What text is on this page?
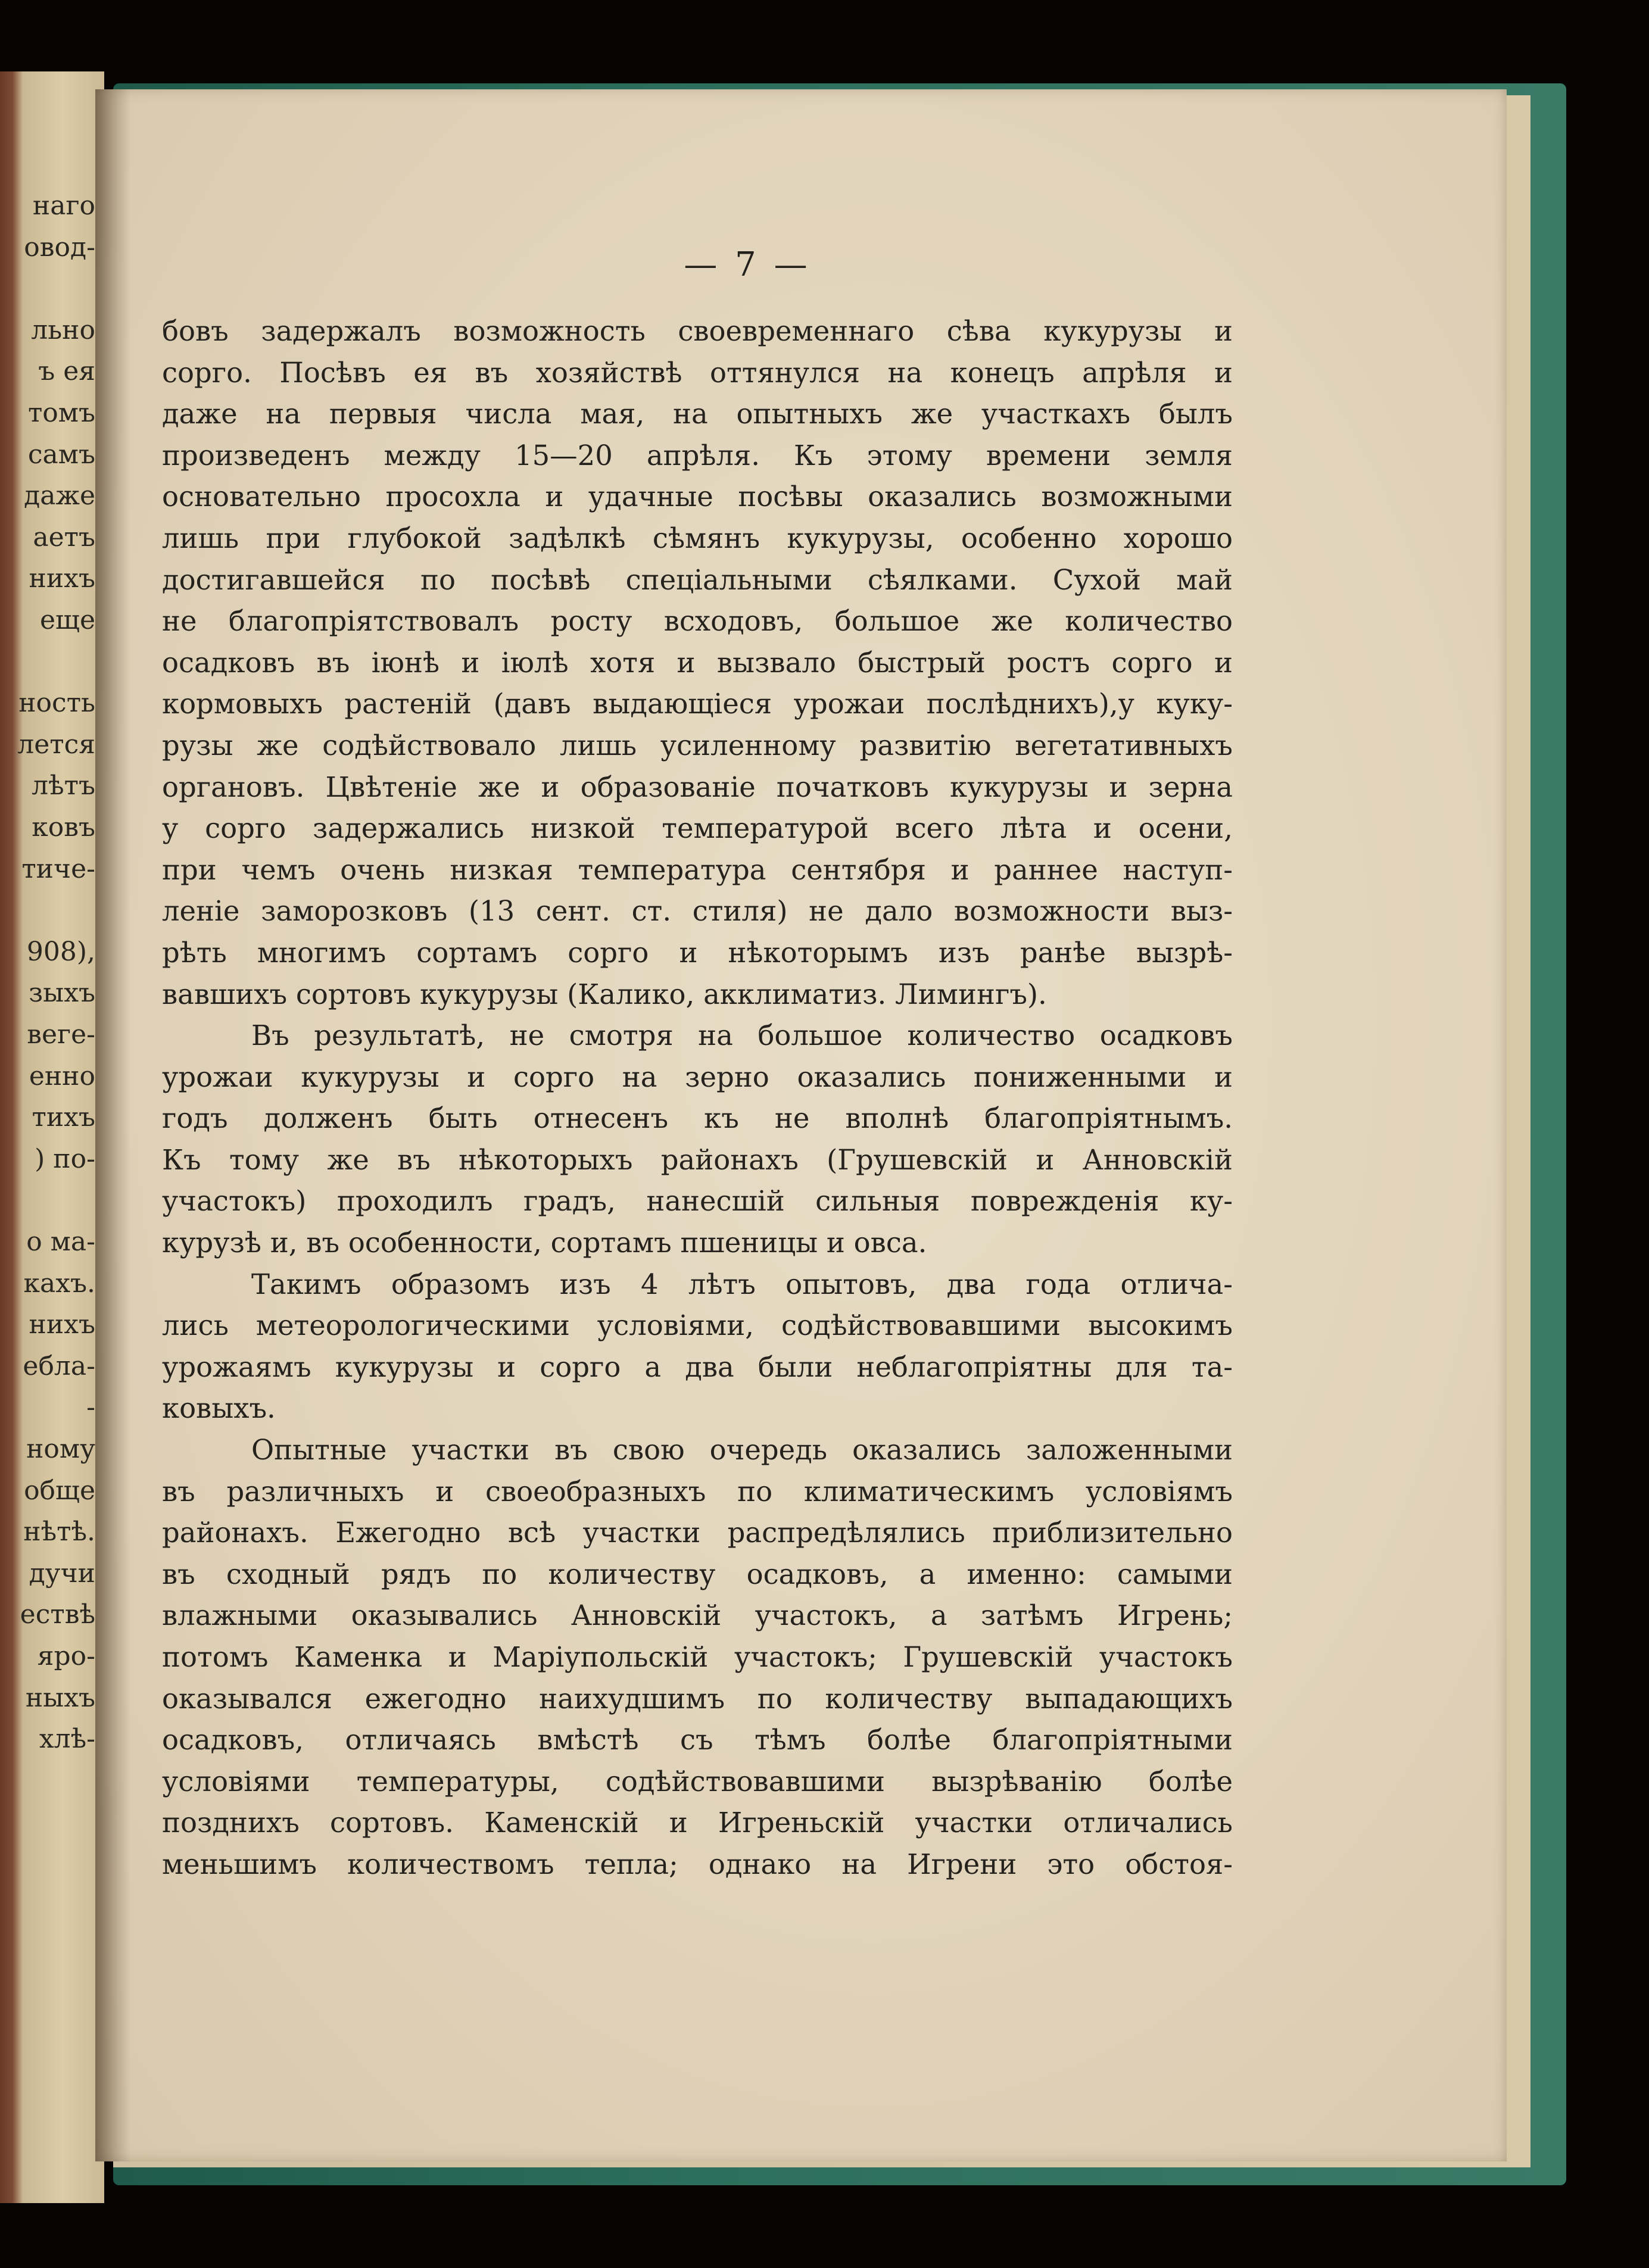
наго
овод-
льно
ъ ея
томъ
самъ
даже
аетъ
нихъ
еще
ность
лется
лѣтъ
ковъ
тиче-
908),
зыхъ
веге-
енно
тихъ
) по-
о ма-
кахъ.
нихъ
ебла-
-
ному
обще
нѣтѣ.
дучи
ествѣ
яро-
ныхъ
хлѣ-
— 7 —
бовъ задержалъ возможность своевременнаго сѣва кукурузы и
сорго. Посѣвъ ея въ хозяйствѣ оттянулся на конецъ апрѣля и
даже на первыя числа мая, на опытныхъ же участкахъ былъ
произведенъ между 15—20 апрѣля. Къ этому времени земля
основательно просохла и удачные посѣвы оказались возможными
лишь при глубокой задѣлкѣ сѣмянъ кукурузы, особенно хорошо
достигавшейся по посѣвѣ спеціальными сѣялками. Сухой май
не благопріятствовалъ росту всходовъ, большое же количество
осадковъ въ іюнѣ и іюлѣ хотя и вызвало быстрый ростъ сорго и
кормовыхъ растеній (давъ выдающіеся урожаи послѣднихъ),у куку-
рузы же содѣйствовало лишь усиленному развитію вегетативныхъ
органовъ. Цвѣтеніе же и образованіе початковъ кукурузы и зерна
у сорго задержались низкой температурой всего лѣта и осени,
при чемъ очень низкая температура сентября и раннее наступ-
леніе заморозковъ (13 сент. ст. стиля) не дало возможности выз-
рѣть многимъ сортамъ сорго и нѣкоторымъ изъ ранѣе вызрѣ-
вавшихъ сортовъ кукурузы (Калико, акклиматиз. Лимингъ).
Въ результатѣ, не смотря на большое количество осадковъ
урожаи кукурузы и сорго на зерно оказались пониженными и
годъ долженъ быть отнесенъ къ не вполнѣ благопріятнымъ.
Къ тому же въ нѣкоторыхъ районахъ (Грушевскій и Анновскій
участокъ) проходилъ градъ, нанесшій сильныя поврежденія ку-
курузѣ и, въ особенности, сортамъ пшеницы и овса.
Такимъ образомъ изъ 4 лѣтъ опытовъ, два года отлича-
лись метеорологическими условіями, содѣйствовавшими высокимъ
урожаямъ кукурузы и сорго а два были неблагопріятны для та-
ковыхъ.
Опытные участки въ свою очередь оказались заложенными
въ различныхъ и своеобразныхъ по климатическимъ условіямъ
районахъ. Ежегодно всѣ участки распредѣлялись приблизительно
въ сходный рядъ по количеству осадковъ, а именно: самыми
влажными оказывались Анновскій участокъ, а затѣмъ Игрень;
потомъ Каменка и Маріупольскій участокъ; Грушевскій участокъ
оказывался ежегодно наихудшимъ по количеству выпадающихъ
осадковъ, отличаясь вмѣстѣ съ тѣмъ болѣе благопріятными
условіями температуры, содѣйствовавшими вызрѣванію болѣе
позднихъ сортовъ. Каменскій и Игреньскій участки отличались
меньшимъ количествомъ тепла; однако на Игрени это обстоя-
